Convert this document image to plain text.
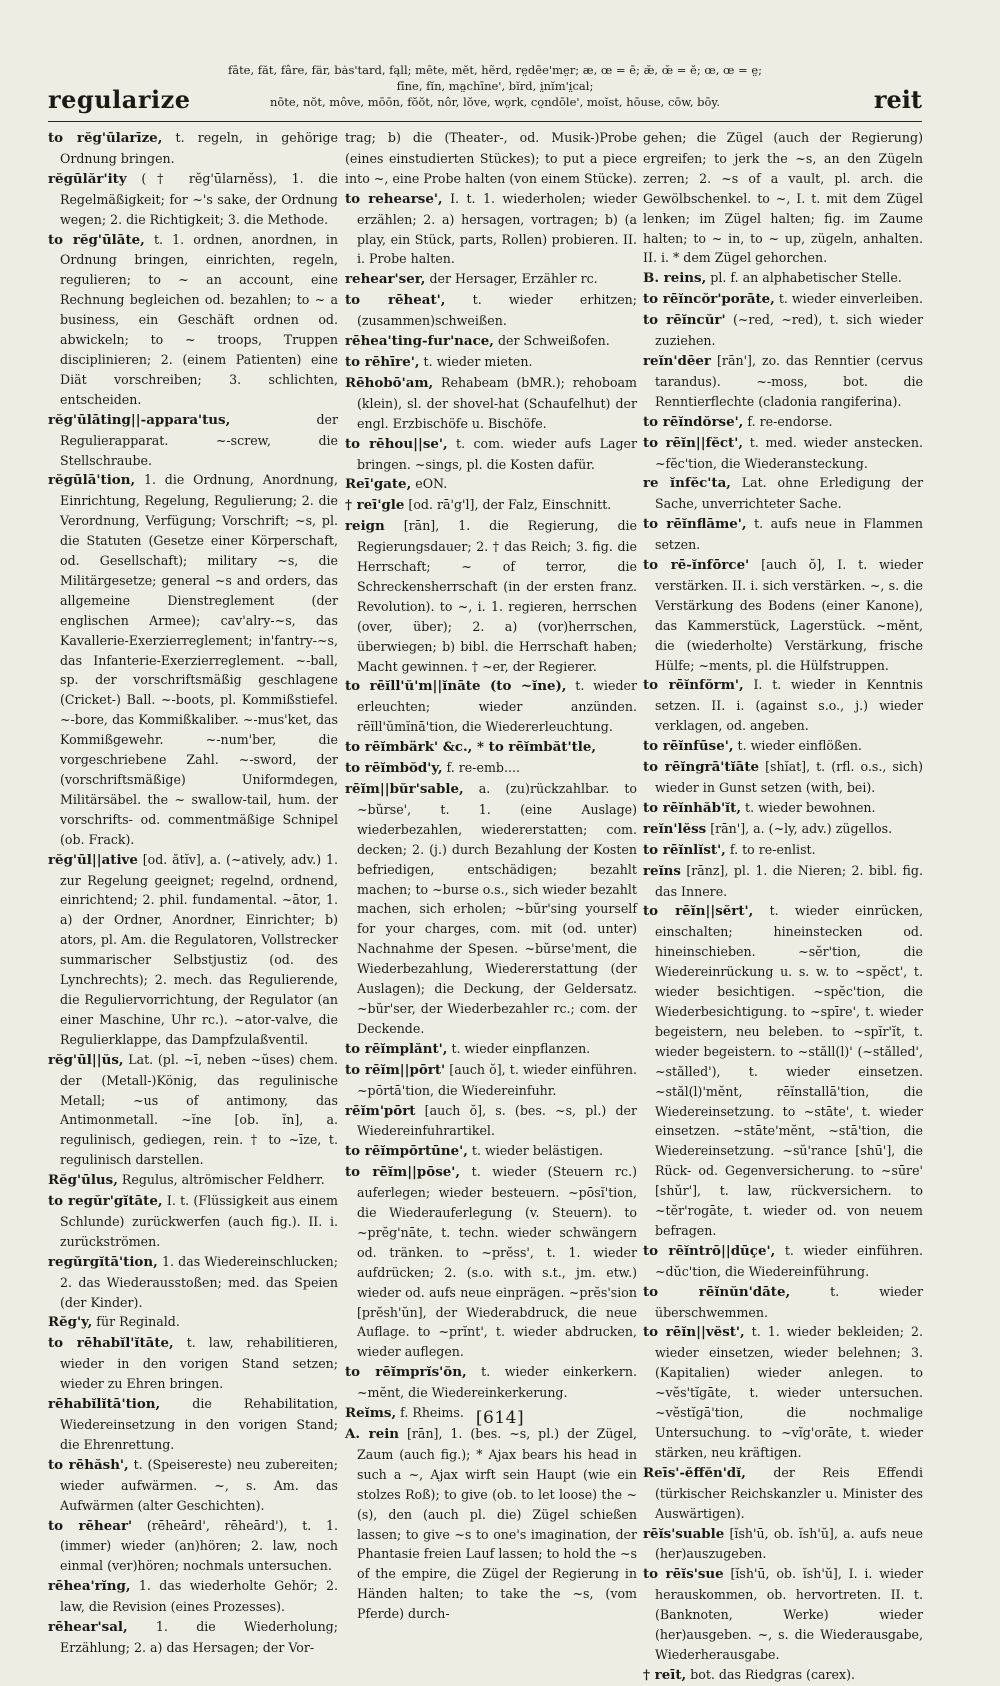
regularize
fāte, făt, fâre, fär, bȧs'tard, fąll; mēte, mĕt, hẽrd, re̤dēe'me̤r; æ, œ = ē; æ̆, œ̆ = ĕ; œ, œ = e̤;
fīne, fĭn, ma̤chīne', bĭrd, i̤nĭm'i̤cal;
nōte, nŏt, môve, mōōn, fŏŏt, nôr, lŏve, wo̤rk, co̤ndōle', moĭst, hōuse, cōw, bōy.	reit

to rĕg'ūlarīze, t. regeln, in gehörige Ordnung bringen.

rĕgūlăr'ity († rĕg'ūlarnĕss), 1. die Regelmäßigkeit; for ~'s sake, der Ordnung wegen; 2. die Richtigkeit; 3. die Methode.

to rĕg'ūlāte, t. 1. ordnen, anordnen, in Ordnung bringen, einrichten, regeln, regulieren; to ~ an account, eine Rechnung begleichen od. bezahlen; to ~ a business, ein Geschäft ordnen od. abwickeln; to ~ troops, Truppen disciplinieren; 2. (einem Patienten) eine Diät vorschreiben; 3. schlichten, entscheiden.

rĕg'ūlāting||-appara'tus,	der Regulierapparat. ~-screw, die Stellschraube.

rĕgūlā'tion, 1. die Ordnung, Anordnung, Einrichtung, Regelung, Regulierung; 2. die Verordnung, Verfügung; Vorschrift; ~s, pl. die Statuten (Gesetze einer Körperschaft, od. Gesellschaft); military ~s, die Militärgesetze; general ~s and orders, das allgemeine Dienstreglement (der englischen Armee); cav'alry-~s, das Kavallerie-Exerzierreglement; in'fantry-~s, das Infanterie-Exerzierreglement. ~-ball, sp. der vorschriftsmäßig geschlagene (Cricket-) Ball. ~-boots, pl. Kommißstiefel. ~-bore, das Kommißkaliber. ~-mus'ket, das Kommißgewehr. ~-num'ber, die vorgeschriebene Zahl. ~-sword, der (vorschriftsmäßige) Uniformdegen, Militärsäbel. the ~ swallow-tail, hum. der vorschrifts- od. commentmäßige Schnipel (ob. Frack).

rĕg'ūl||ative [od. ătĭv], a. (~atively, adv.) 1. zur Regelung geeignet; regelnd, ordnend, einrichtend; 2. phil. fundamental. ~ātor, 1. a) der Ordner, Anordner, Einrichter; b) ators, pl. Am. die Regulatoren, Vollstrecker summarischer Selbstjustiz (od. des Lynchrechts); 2. mech. das Regulierende, die Reguliervorrichtung, der Regulator (an einer Maschine, Uhr rc.). ~ator-valve, die Regulierklappe, das Dampfzulaßventil.

rĕg'ūl||ŭs, Lat. (pl. ~ī, neben ~ŭses) chem. der (Metall-)König, das regulinische Metall; ~us of antimony, das Antimonmetall. ~ĭne [ob. ĭn], a. regulinisch, gediegen, rein. † to ~īze, t. regulinisch darstellen.

Rĕg'ūlus, Regulus, altrömischer Feldherr.

to regŭr'gĭtāte, I. t. (Flüssigkeit aus einem Schlunde) zurückwerfen (auch fig.). II. i. zurückströmen.

regŭrgĭtā'tion, 1. das Wiedereinschlucken; 2. das Wiederausstoßen; med. das Speien (der Kinder).

Rĕg'y, für Reginald.

to rēhabĭl'ĭtāte, t. law, rehabilitieren, wieder in den vorigen Stand setzen; wieder zu Ehren bringen.

rēhabĭlĭtā'tion,	die Rehabilitation, Wiedereinsetzung in den vorigen Stand; die Ehrenrettung.

to rēhăsh', t. (Speisereste) neu zubereiten; wieder aufwärmen. ~, s. Am. das Aufwärmen (alter Geschichten).

to rēhear' (rēheārd', rēheārd'), t. 1. (immer) wieder (an)hören; 2. law, noch einmal (ver)hören; nochmals untersuchen.

rēhea'rĭng, 1. das wiederholte Gehör; 2. law, die Revision (eines Prozesses).

rēhear'sal, 1. die Wiederholung; Erzählung; 2. a) das Hersagen; der Vor-

trag; b) die (Theater-, od. Musik-)Probe (eines einstudierten Stückes); to put a piece into ~, eine Probe halten (von einem Stücke).

to rehearse', I. t. 1. wiederholen; wieder erzählen; 2. a) hersagen, vortragen; b) (a play, ein Stück, parts, Rollen) probieren. II. i. Probe halten.

rehear'ser, der Hersager, Erzähler rc.

to rēheat', t. wieder erhitzen; (zusammen)schweißen.

rēhea'ting-fur'nace, der Schweißofen.

to rēhīre', t. wieder mieten.

Rēhobō'am, Rehabeam (bMR.); rehoboam (klein), sl. der shovel-hat (Schaufelhut) der engl. Erzbischöfe u. Bischöfe.

to rēhou||se', t. com. wieder aufs Lager bringen. ~sings, pl. die Kosten dafür.

Reī'gate, eON.

† reī'gle [od. rā'g'l], der Falz, Einschnitt.

reign [rān], 1. die Regierung, die Regierungsdauer; 2. † das Reich; 3. fig. die Herrschaft; ~ of terror, die Schreckensherrschaft (in der ersten franz. Revolution). to ~, i. 1. regieren, herrschen (over, über); 2. a) (vor)herrschen, überwiegen; b) bibl. die Herrschaft haben; Macht gewinnen. † ~er, der Regierer.

to rēĭll'ŭ'm||ĭnāte (to ~ĭne), t. wieder erleuchten; wieder anzünden. rēĭll'ŭmĭnā'tion, die Wiedererleuchtung.

to rēĭmbärk' &c., * to rēĭmbăt'tle,

to rēĭmbŏd'y, f. re-emb....

rēĭm||bŭr'sable, a. (zu)rückzahlbar. to ~bŭrse', t. 1. (eine Auslage) wiederbezahlen, wiedererstatten; com. decken; 2. (j.) durch Bezahlung der Kosten befriedigen, entschädigen; bezahlt machen; to ~burse o.s., sich wieder bezahlt machen, sich erholen; ~bŭr'sing yourself for your charges, com. mit (od. unter) Nachnahme der Spesen. ~bŭrse'ment, die Wiederbezahlung, Wiedererstattung (der Auslagen); die Deckung, der Geldersatz. ~bŭr'ser, der Wiederbezahler rc.; com. der Deckende.

to rēĭmplănt', t. wieder einpflanzen.

to rēĭm||pōrt' [auch ŏ], t. wieder einführen. ~pōrtā'tion, die Wiedereinfuhr.

rēĭm'pōrt [auch ŏ], s. (bes. ~s, pl.) der Wiedereinfuhrartikel.

to rēĭmpōrtūne', t. wieder belästigen.

to rēĭm||pōse', t. wieder (Steuern rc.) auferlegen; wieder besteuern. ~pōsĭ'tion, die Wiederauferlegung (v. Steuern). to ~prĕg'nāte, t. techn. wieder schwängern od. tränken. to ~prĕss', t. 1. wieder aufdrücken; 2. (s.o. with s.t., jm. etw.) wieder od. aufs neue einprägen. ~prĕs'sion [prĕsh'ŭn], der Wiederabdruck, die neue Auflage. to ~prĭnt', t. wieder abdrucken, wieder auflegen.

to rēĭmprĭs'ŏn, t. wieder einkerkern. ~mĕnt, die Wiedereinkerkerung.

Reĭms, f. Rheims.

A. rein [rān], 1. (bes. ~s, pl.) der Zügel, Zaum (auch fig.); * Ajax bears his head in such a ~, Ajax wirft sein Haupt (wie ein stolzes Roß); to give (ob. to let loose) the ~(s), den (auch pl. die) Zügel schießen lassen; to give ~s to one's imagination, der Phantasie freien Lauf lassen; to hold the ~s of the empire, die Zügel der Regierung in Händen halten; to take the ~s, (vom Pferde) durch-

gehen; die Zügel (auch der Regierung) ergreifen; to jerk the ~s, an den Zügeln zerren; 2. ~s of a vault, pl. arch. die Gewölbschenkel. to ~, I. t. mit dem Zügel lenken; im Zügel halten; fig. im Zaume halten; to ~ in, to ~ up, zügeln, anhalten. II. i. * dem Zügel gehorchen.

B. reins, pl. f. an alphabetischer Stelle.

to rēĭncŏr'porāte, t. wieder einverleiben.

to rēĭncŭr' (~red, ~red), t. sich wieder zuziehen.

reĭn'dēer [rān'], zo. das Renntier (cervus tarandus). ~-moss, bot. die Renntierflechte (cladonia rangiferina).

to rēĭndŏrse', f. re-endorse.

to rēĭn||fĕct', t. med. wieder anstecken. ~fĕc'tion, die Wiederansteckung.

re ĭnfĕc'ta, Lat. ohne Erledigung der Sache, unverrichteter Sache.

to rēĭnflāme', t. aufs neue in Flammen setzen.

to rē-ĭnfōrce' [auch ŏ], I. t. wieder verstärken. II. i. sich verstärken. ~, s. die Verstärkung des Bodens (einer Kanone), das Kammerstück, Lagerstück. ~mĕnt, die (wiederholte) Verstärkung, frische Hülfe; ~ments, pl. die Hülfstruppen.

to rēĭnfŏrm', I. t. wieder in Kenntnis setzen. II. i. (against s.o., j.) wieder verklagen, od. angeben.

to rēĭnfūse', t. wieder einflößen.

to rēĭngrā'tĭāte [shĭat], t. (rfl. o.s., sich) wieder in Gunst setzen (with, bei).

to rēĭnhăb'ĭt, t. wieder bewohnen.

reĭn'lĕss [rān'], a. (~ly, adv.) zügellos.

to rēĭnlĭst', f. to re-enlist.

reĭns [rānz], pl. 1. die Nieren; 2. bibl. fig. das Innere.

to rēĭn||sĕrt', t. wieder einrücken, einschalten; hineinstecken od. hineinschieben. ~sĕr'tion, die Wiedereinrückung u. s. w. to ~spĕct', t. wieder besichtigen. ~spĕc'tion, die Wiederbesichtigung. to ~spīre', t. wieder begeistern, neu beleben. to ~spĭr'ĭt, t. wieder begeistern. to ~stăll(l)' (~stălled', ~stălled'), t. wieder einsetzen. ~stăl(l)'mĕnt, rēĭnstallā'tion, die Wiedereinsetzung. to ~stāte', t. wieder einsetzen. ~stāte'mĕnt, ~stā'tion, die Wiedereinsetzung. ~sŭ'rance [shū'], die Rück- od. Gegenversicherung. to ~sūre' [shŭr'], t. law, rückversichern. to ~tĕr'rogāte, t. wieder od. von neuem befragen.

to rēĭntrō||dūçe', t. wieder einführen. ~dŭc'tion, die Wiedereinführung.

to rēĭnŭn'dāte,	t. wieder überschwemmen.

to rēĭn||vĕst', t. 1. wieder bekleiden; 2. wieder einsetzen, wieder belehnen; 3. (Kapitalien) wieder anlegen. to ~vĕs'tĭgāte, t. wieder untersuchen. ~vĕstĭgā'tion, die nochmalige Untersuchung. to ~vĭg'orāte, t. wieder stärken, neu kräftigen.

Reīs'-ĕffĕn'dĭ, der Reis Effendi (türkischer Reichskanzler u. Minister des Auswärtigen).

rēĭs'suable [ĭsh'ū, ob. ĭsh'ŭ], a. aufs neue (her)auszugeben.

to rēĭs'sue [ĭsh'ū, ob. ĭsh'ŭ], I. i. wieder herauskommen, ob. hervortreten. II. t. (Banknoten, Werke) wieder (her)ausgeben. ~, s. die Wiederausgabe, Wiederherausgabe.

† reīt, bot. das Riedgras (carex).

[614]
